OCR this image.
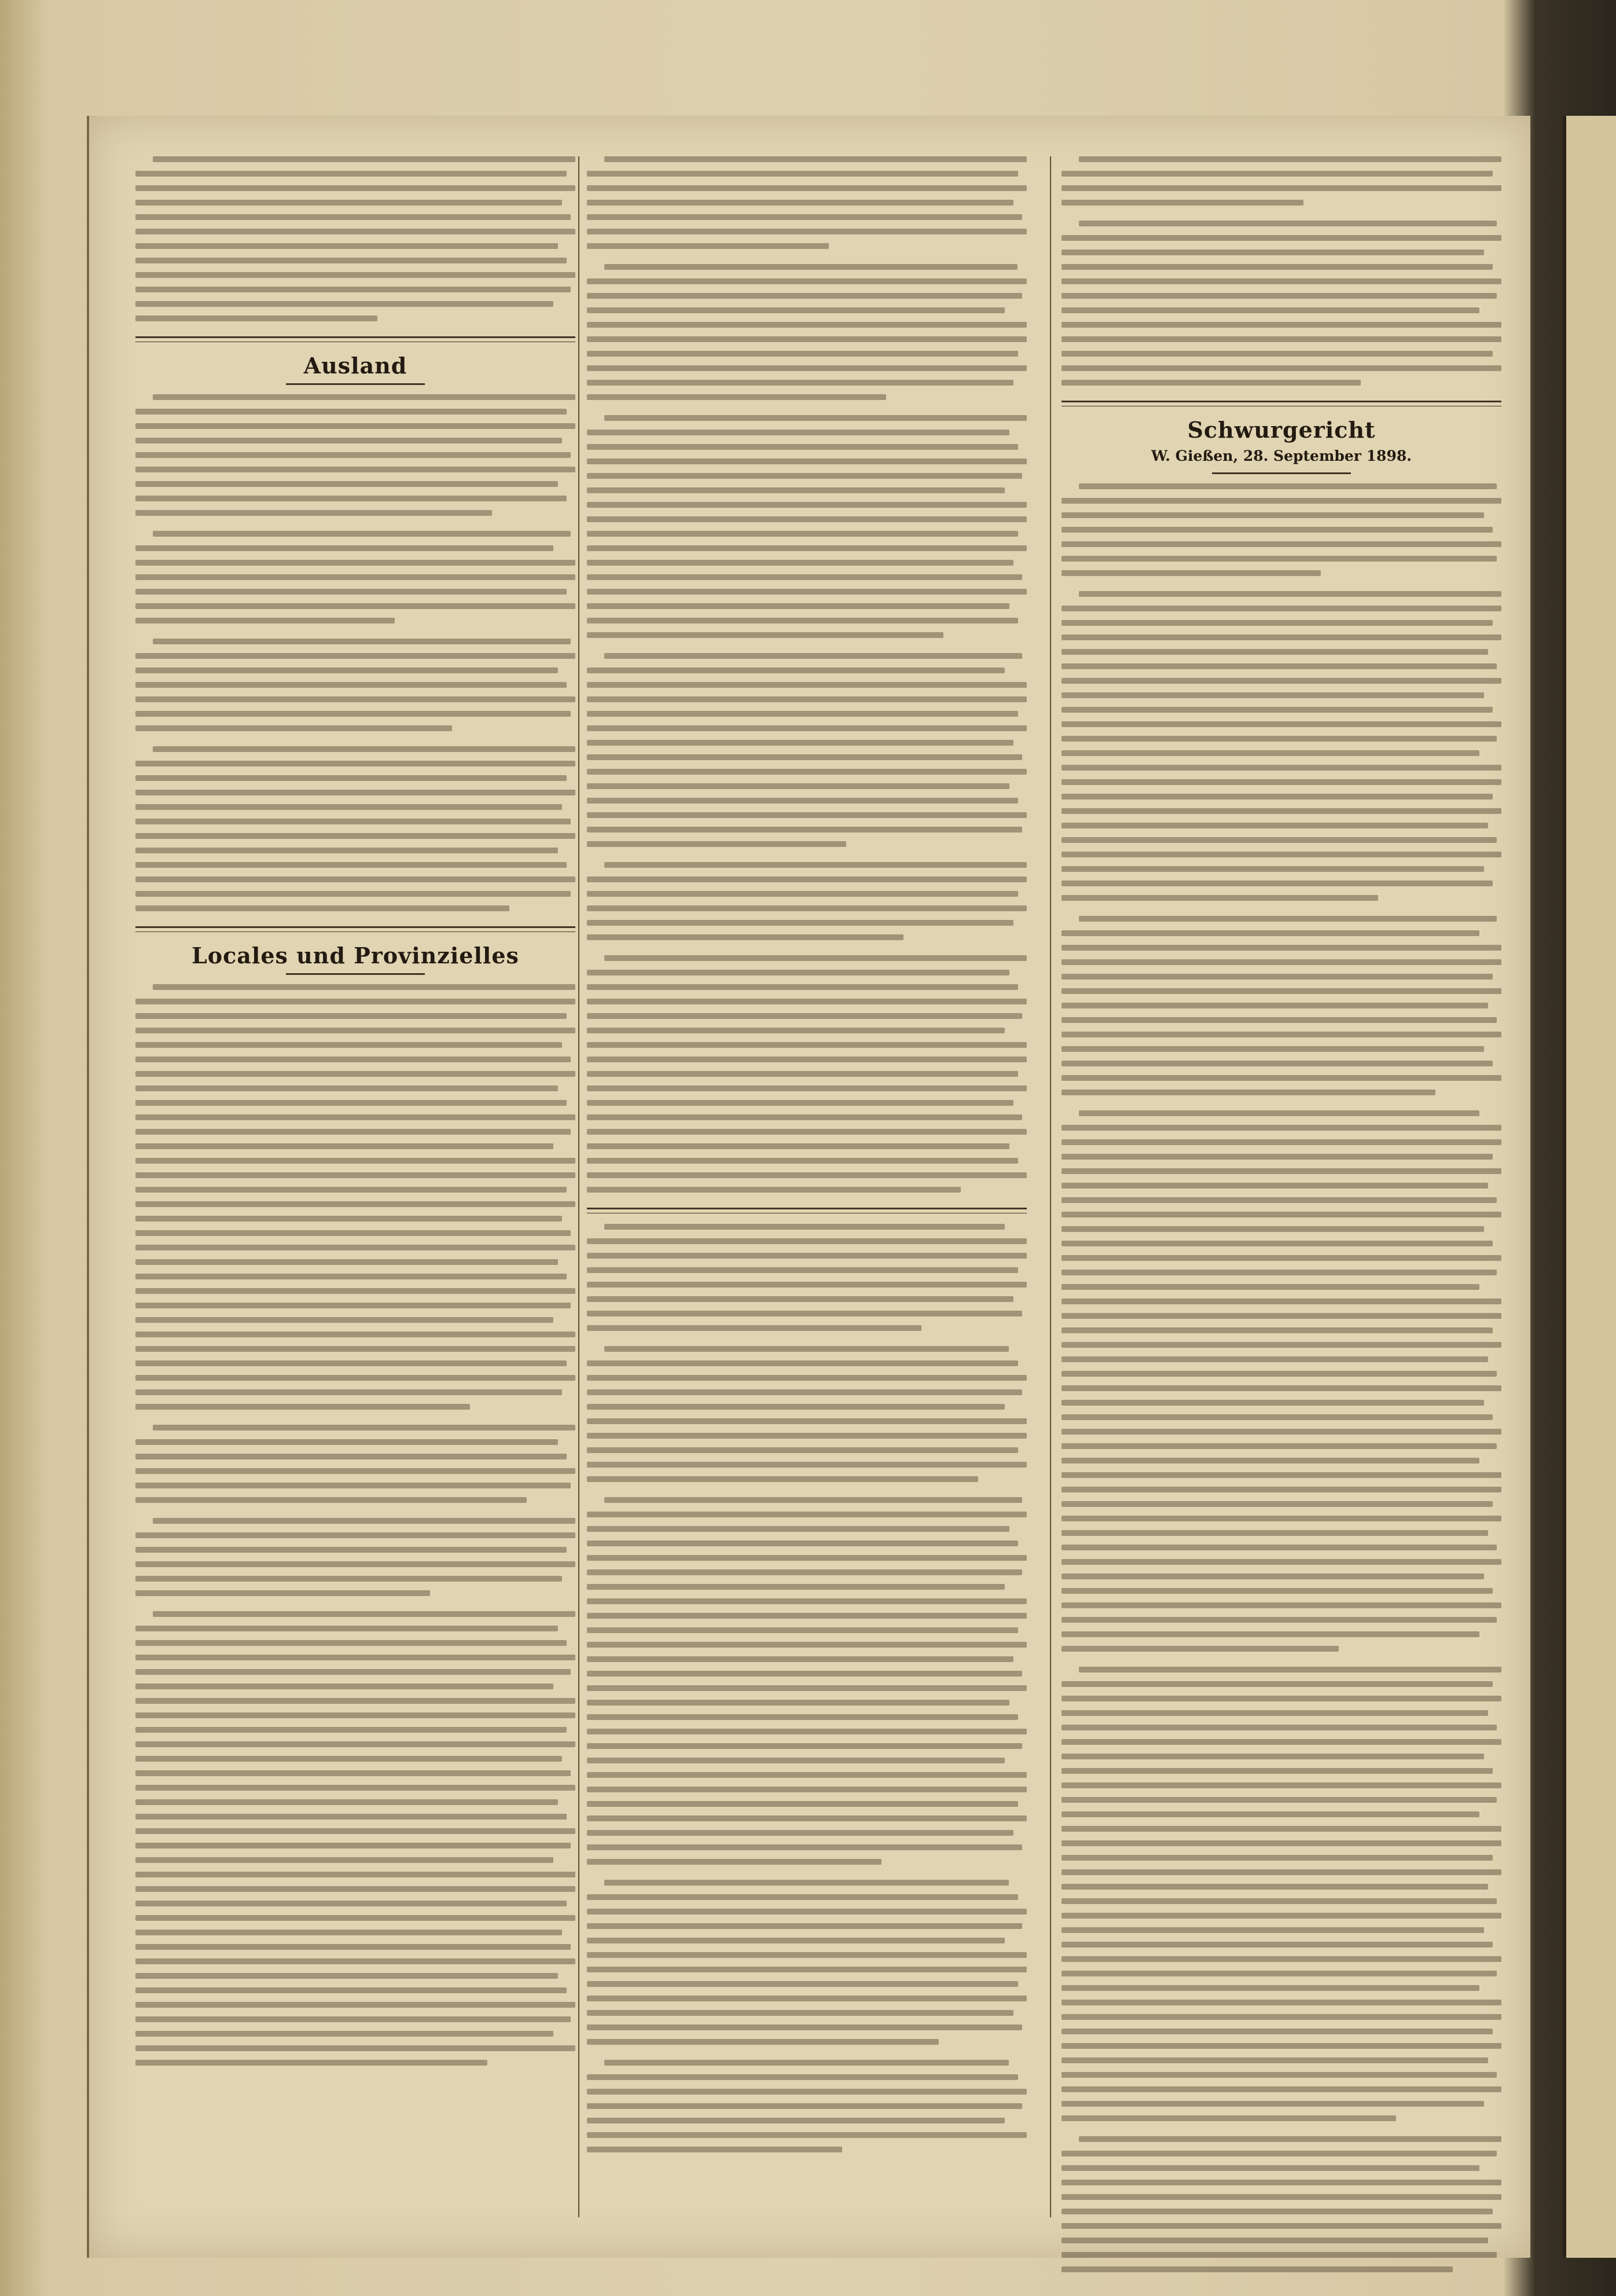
Ausland
Locales und Provinzielles
Schwurgericht
W. Gießen, 28. September 1898.
